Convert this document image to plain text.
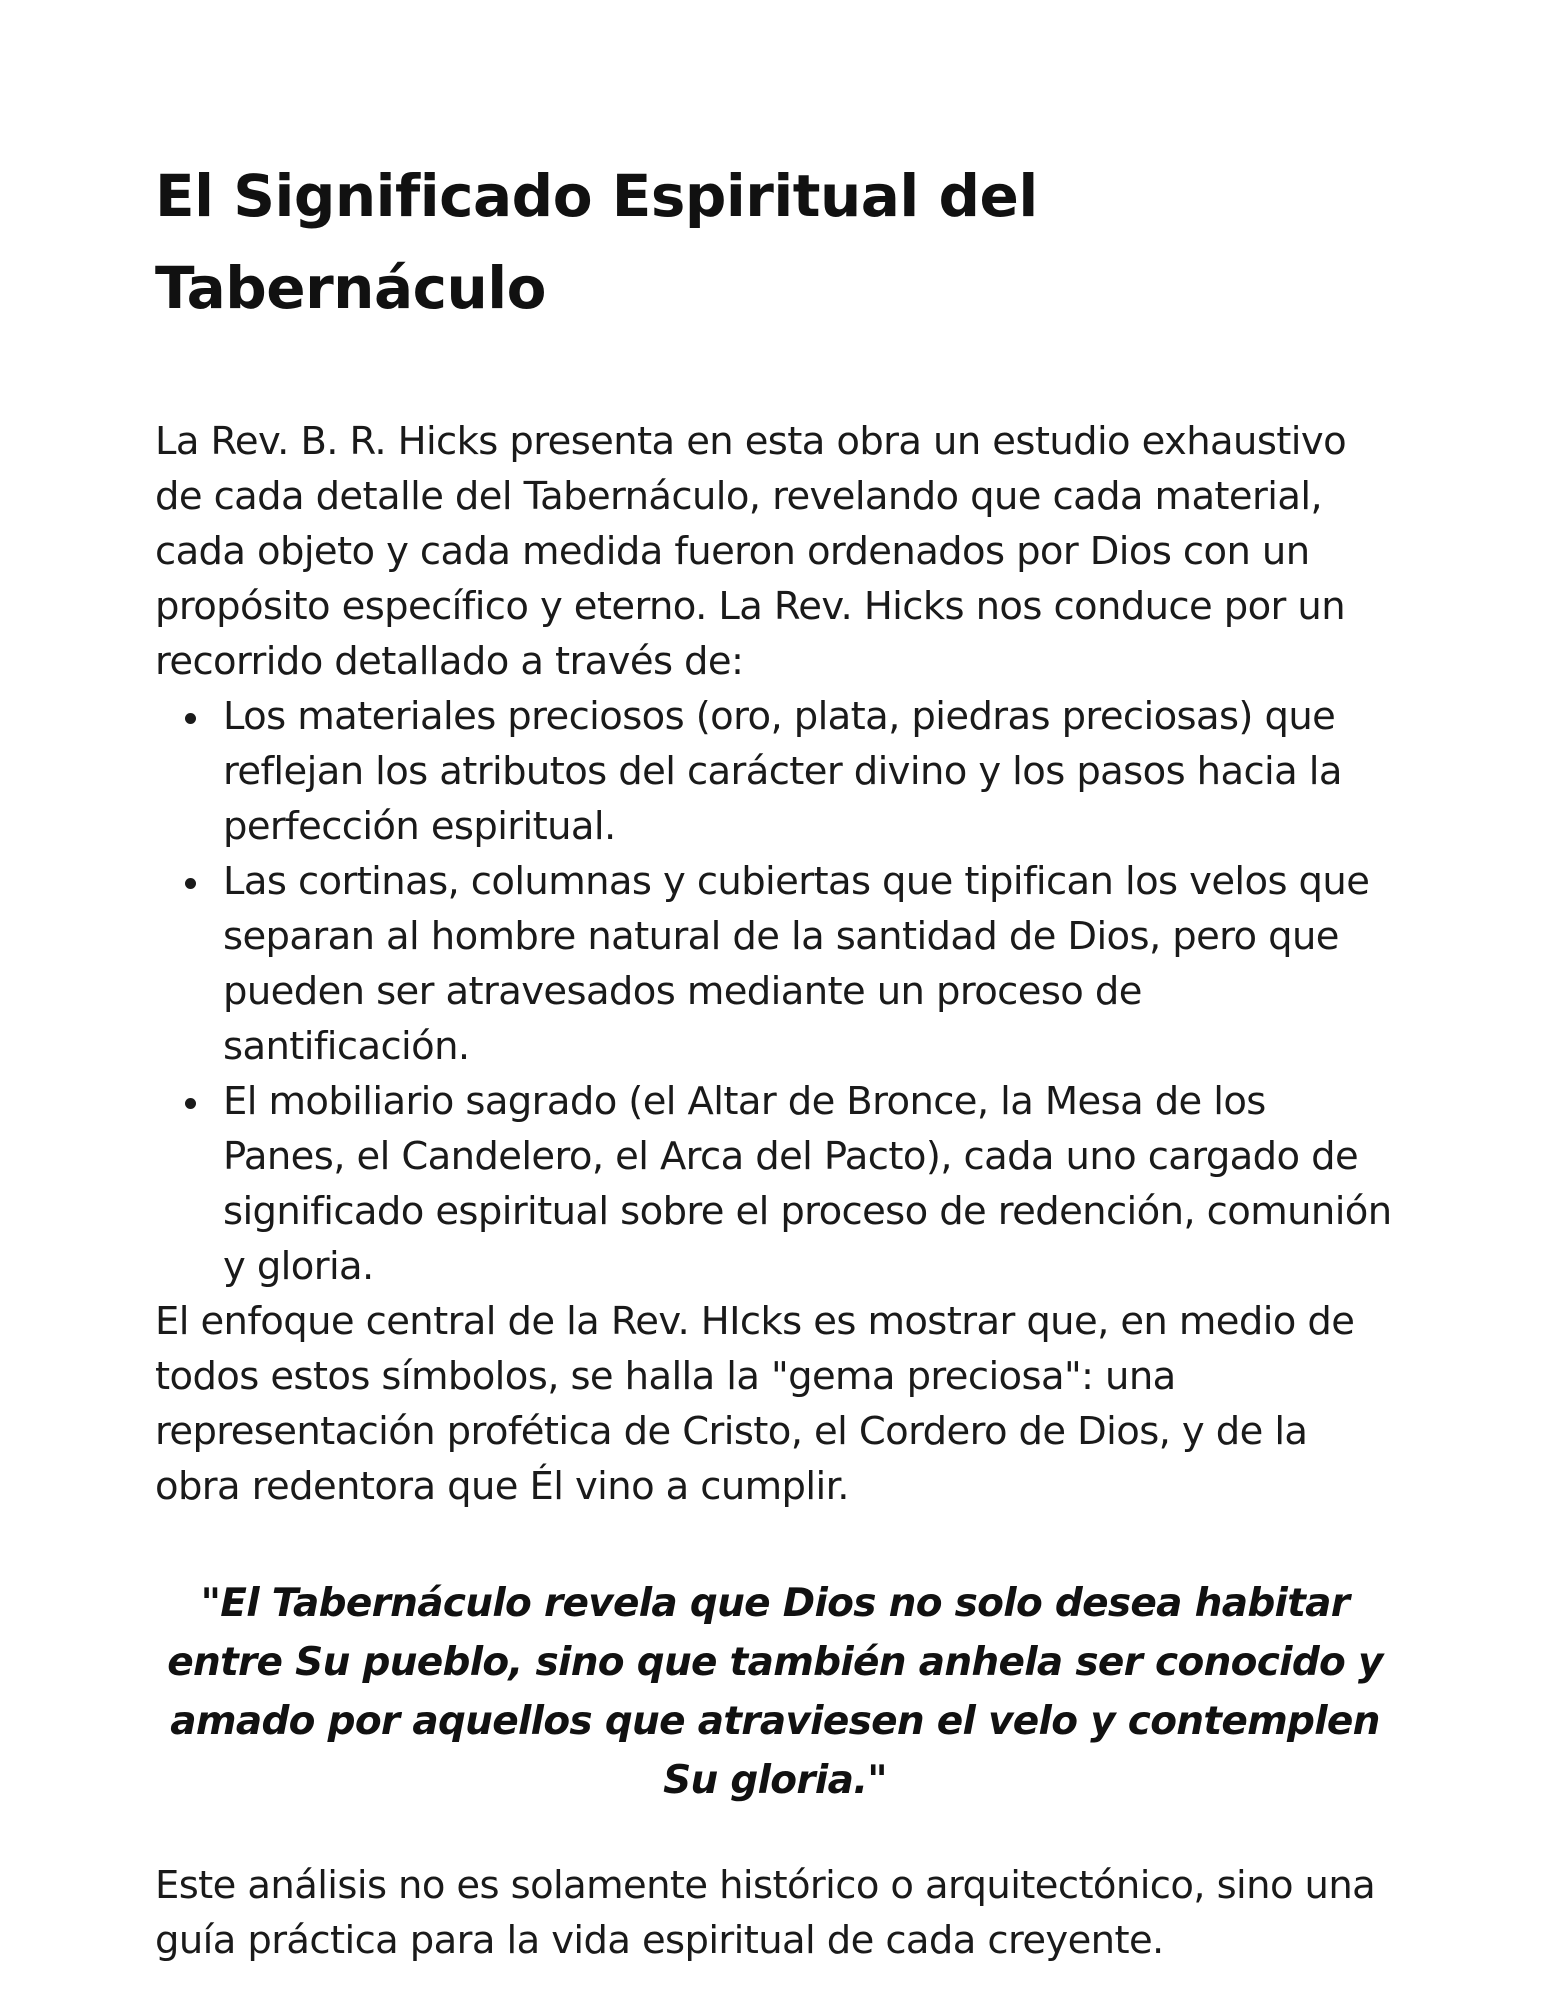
El Significado Espiritual del
Tabernáculo

La Rev. B. R. Hicks presenta en esta obra un estudio exhaustivo de cada detalle del Tabernáculo, revelando que cada material, cada objeto y cada medida fueron ordenados por Dios con un propósito específico y eterno. La Rev. Hicks nos conduce por un recorrido detallado a través de:

Los materiales preciosos (oro, plata, piedras preciosas) que reflejan los atributos del carácter divino y los pasos hacia la perfección espiritual.
Las cortinas, columnas y cubiertas que tipifican los velos que separan al hombre natural de la santidad de Dios, pero que pueden ser atravesados mediante un proceso de santificación.
El mobiliario sagrado (el Altar de Bronce, la Mesa de los Panes, el Candelero, el Arca del Pacto), cada uno cargado de significado espiritual sobre el proceso de redención, comunión y gloria.

El enfoque central de la Rev. HIcks es mostrar que, en medio de todos estos símbolos, se halla la "gema preciosa": una representación profética de Cristo, el Cordero de Dios, y de la obra redentora que Él vino a cumplir.

"El Tabernáculo revela que Dios no solo desea habitar entre Su pueblo, sino que también anhela ser conocido y amado por aquellos que atraviesen el velo y contemplen Su gloria."

Este análisis no es solamente histórico o arquitectónico, sino una guía práctica para la vida espiritual de cada creyente.
